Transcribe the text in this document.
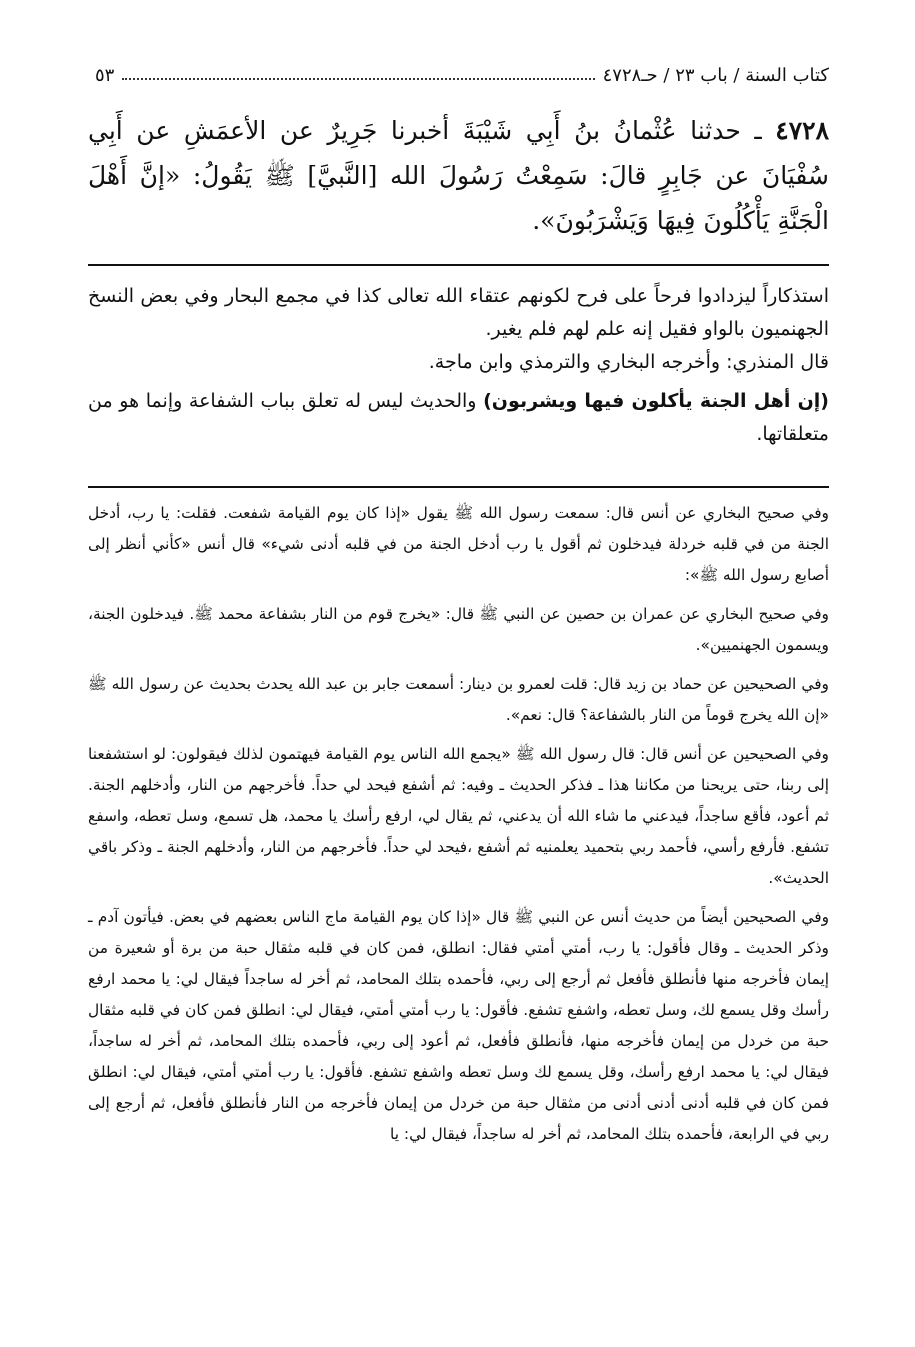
كتاب السنة / باب ٢٣ / حـ٤٧٢٨
٥٣
٤٧٢٨ ـ حدثنا عُثْمانُ بنُ أَبِي شَيْبَةَ أخبرنا جَرِيرٌ عن الأعمَشِ عن أَبِي سُفْيَانَ عن جَابِرٍ قالَ: سَمِعْتُ رَسُولَ الله [النَّبيَّ] ﷺ يَقُولُ: «إنَّ أَهْلَ الْجَنَّةِ يَأْكُلُونَ فِيهَا وَيَشْرَبُونَ».

استذكاراً ليزدادوا فرحاً على فرح لكونهم عتقاء الله تعالى كذا في مجمع البحار وفي بعض النسخ الجهنميون بالواو فقيل إنه علم لهم فلم يغير.

قال المنذري: وأخرجه البخاري والترمذي وابن ماجة.

(إن أهل الجنة يأكلون فيها ويشربون) والحديث ليس له تعلق بباب الشفاعة وإنما هو من متعلقاتها.

وفي صحيح البخاري عن أنس قال: سمعت رسول الله ﷺ يقول «إذا كان يوم القيامة شفعت. فقلت: يا رب، أدخل الجنة من في قلبه خردلة فيدخلون ثم أقول يا رب أدخل الجنة من في قلبه أدنى شيء» قال أنس «كأني أنظر إلى أصابع رسول الله ﷺ»:

وفي صحيح البخاري عن عمران بن حصين عن النبي ﷺ قال: «يخرج قوم من النار بشفاعة محمد ﷺ. فيدخلون الجنة، ويسمون الجهنميين».

وفي الصحيحين عن حماد بن زيد قال: قلت لعمرو بن دينار: أسمعت جابر بن عبد الله يحدث بحديث عن رسول الله ﷺ «إن الله يخرج قوماً من النار بالشفاعة؟ قال: نعم».

وفي الصحيحين عن أنس قال: قال رسول الله ﷺ «يجمع الله الناس يوم القيامة فيهتمون لذلك فيقولون: لو استشفعنا إلى ربنا، حتى يريحنا من مكاننا هذا ـ فذكر الحديث ـ وفيه: ثم أشفع فيحد لي حداً. فأخرجهم من النار، وأدخلهم الجنة. ثم أعود، فأقع ساجداً، فيدعني ما شاء الله أن يدعني، ثم يقال لي، ارفع رأسك يا محمد، هل تسمع، وسل تعطه، واسفع تشفع. فأرفع رأسي، فأحمد ربي بتحميد يعلمنيه ثم أشفع ،فيحد لي حداً. فأخرجهم من النار، وأدخلهم الجنة ـ وذكر باقي الحديث».

وفي الصحيحين أيضاً من حديث أنس عن النبي ﷺ قال «إذا كان يوم القيامة ماج الناس بعضهم في بعض. فيأتون آدم ـ وذكر الحديث ـ وقال فأقول: يا رب، أمتي أمتي فقال: انطلق، فمن كان في قلبه مثقال حبة من برة أو شعيرة من إيمان فأخرجه منها فأنطلق فأفعل ثم أرجع إلى ربي، فأحمده بتلك المحامد، ثم أخر له ساجداً فيقال لي: يا محمد ارفع رأسك وقل يسمع لك، وسل تعطه، واشفع تشفع. فأقول: يا رب أمتي أمتي، فيقال لي: انطلق فمن كان في قلبه مثقال حبة من خردل من إيمان فأخرجه منها، فأنطلق فأفعل، ثم أعود إلى ربي، فأحمده بتلك المحامد، ثم أخر له ساجداً، فيقال لي: يا محمد ارفع رأسك، وقل يسمع لك وسل تعطه واشفع تشفع. فأقول: يا رب أمتي أمتي، فيقال لي: انطلق فمن كان في قلبه أدنى أدنى أدنى من مثقال حبة من خردل من إيمان فأخرجه من النار فأنطلق فأفعل، ثم أرجع إلى ربي في الرابعة، فأحمده بتلك المحامد، ثم أخر له ساجداً، فيقال لي: يا
